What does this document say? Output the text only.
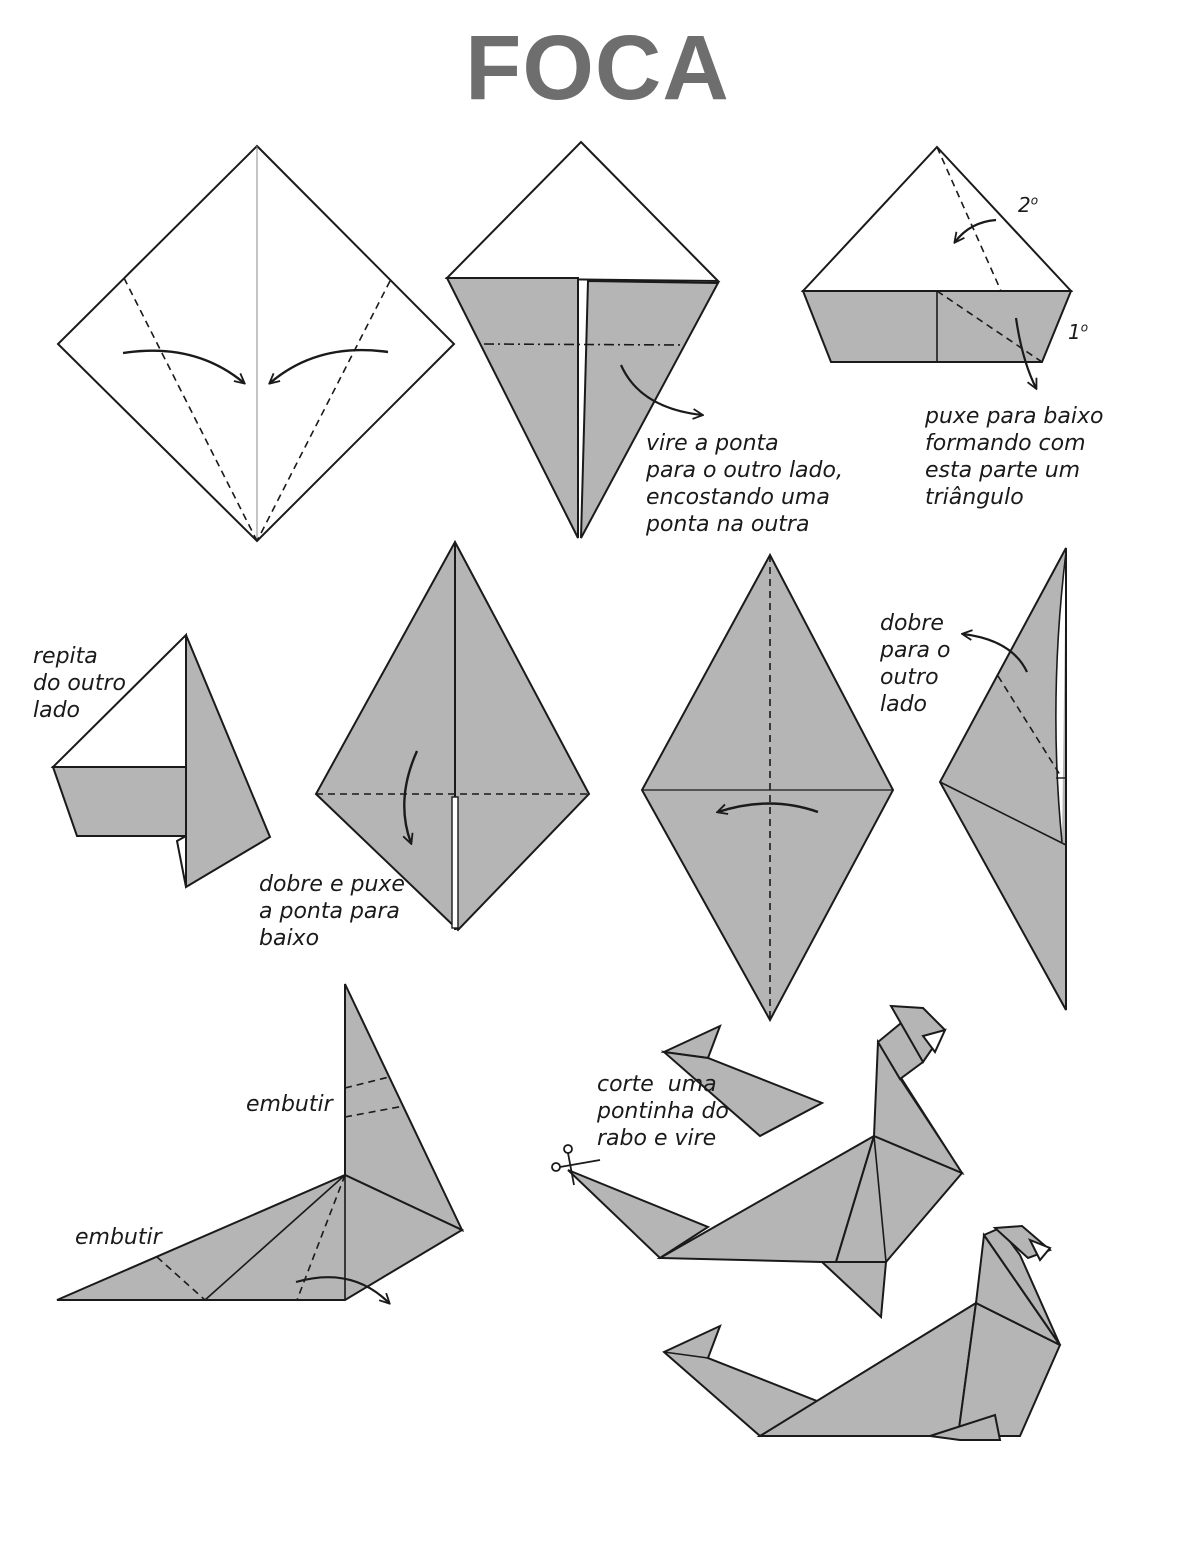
FOCA

vire a ponta
para o outro lado,
encostando uma
ponta na outra

puxe para baixo
formando com
esta parte um
triângulo

2$^o$
1$^o$

repita
do outro
lado

dobre e puxe
a ponta para
baixo

dobre
para o
outro
lado

embutir

embutir

corte  uma
pontinha do
rabo e vire
